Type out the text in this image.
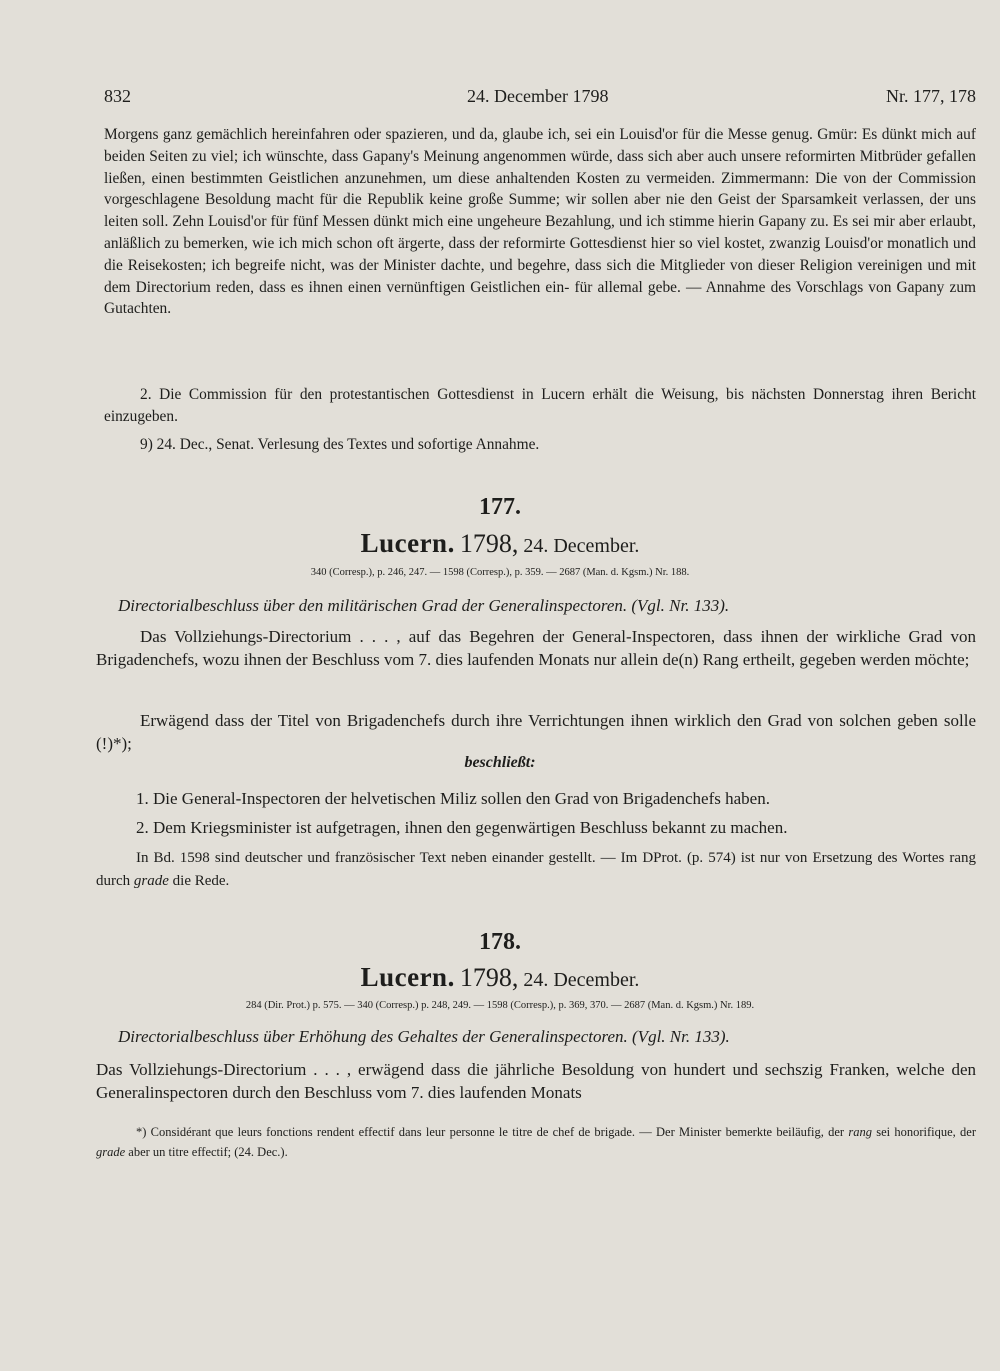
832	24. December 1798	Nr. 177, 178

Morgens ganz gemächlich hereinfahren oder spazieren, und da, glaube ich, sei ein Louisd'or für die Messe genug. Gmür: Es dünkt mich auf beiden Seiten zu viel; ich wünschte, dass Gapany's Meinung angenommen würde, dass sich aber auch unsere reformirten Mitbrüder gefallen ließen, einen bestimmten Geistlichen anzunehmen, um diese anhaltenden Kosten zu vermeiden. Zimmermann: Die von der Commission vorgeschlagene Besoldung macht für die Republik keine große Summe; wir sollen aber nie den Geist der Sparsamkeit verlassen, der uns leiten soll. Zehn Louisd'or für fünf Messen dünkt mich eine ungeheure Bezahlung, und ich stimme hierin Gapany zu. Es sei mir aber erlaubt, anläßlich zu bemerken, wie ich mich schon oft ärgerte, dass der reformirte Gottesdienst hier so viel kostet, zwanzig Louisd'or monatlich und die Reisekosten; ich begreife nicht, was der Minister dachte, und begehre, dass sich die Mitglieder von dieser Religion vereinigen und mit dem Directorium reden, dass es ihnen einen vernünftigen Geistlichen ein- für allemal gebe. — Annahme des Vorschlags von Gapany zum Gutachten.

2. Die Commission für den protestantischen Gottesdienst in Lucern erhält die Weisung, bis nächsten Donnerstag ihren Bericht einzugeben.

9) 24. Dec., Senat. Verlesung des Textes und sofortige Annahme.

177.
Lucern. 1798, 24. December.
340 (Corresp.), p. 246, 247. — 1598 (Corresp.), p. 359. — 2687 (Man. d. Kgsm.) Nr. 188.
Directorialbeschluss über den militärischen Grad der Generalinspectoren. (Vgl. Nr. 133).
Das Vollziehungs-Directorium . . . , auf das Begehren der General-Inspectoren, dass ihnen der wirkliche Grad von Brigadenchefs, wozu ihnen der Beschluss vom 7. dies laufenden Monats nur allein de(n) Rang ertheilt, gegeben werden möchte;
Erwägend dass der Titel von Brigadenchefs durch ihre Verrichtungen ihnen wirklich den Grad von solchen geben solle (!)*);
beschließt:
1. Die General-Inspectoren der helvetischen Miliz sollen den Grad von Brigadenchefs haben.
2. Dem Kriegsminister ist aufgetragen, ihnen den gegenwärtigen Beschluss bekannt zu machen.
In Bd. 1598 sind deutscher und französischer Text neben einander gestellt. — Im DProt. (p. 574) ist nur von Ersetzung des Wortes rang durch grade die Rede.
178.
Lucern. 1798, 24. December.
284 (Dir. Prot.) p. 575. — 340 (Corresp.) p. 248, 249. — 1598 (Corresp.), p. 369, 370. — 2687 (Man. d. Kgsm.) Nr. 189.
Directorialbeschluss über Erhöhung des Gehaltes der Generalinspectoren. (Vgl. Nr. 133).
Das Vollziehungs-Directorium . . . , erwägend dass die jährliche Besoldung von hundert und sechszig Franken, welche den Generalinspectoren durch den Beschluss vom 7. dies laufenden Monats
*) Considérant que leurs fonctions rendent effectif dans leur personne le titre de chef de brigade. — Der Minister bemerkte beiläufig, der rang sei honorifique, der grade aber un titre effectif; (24. Dec.).
